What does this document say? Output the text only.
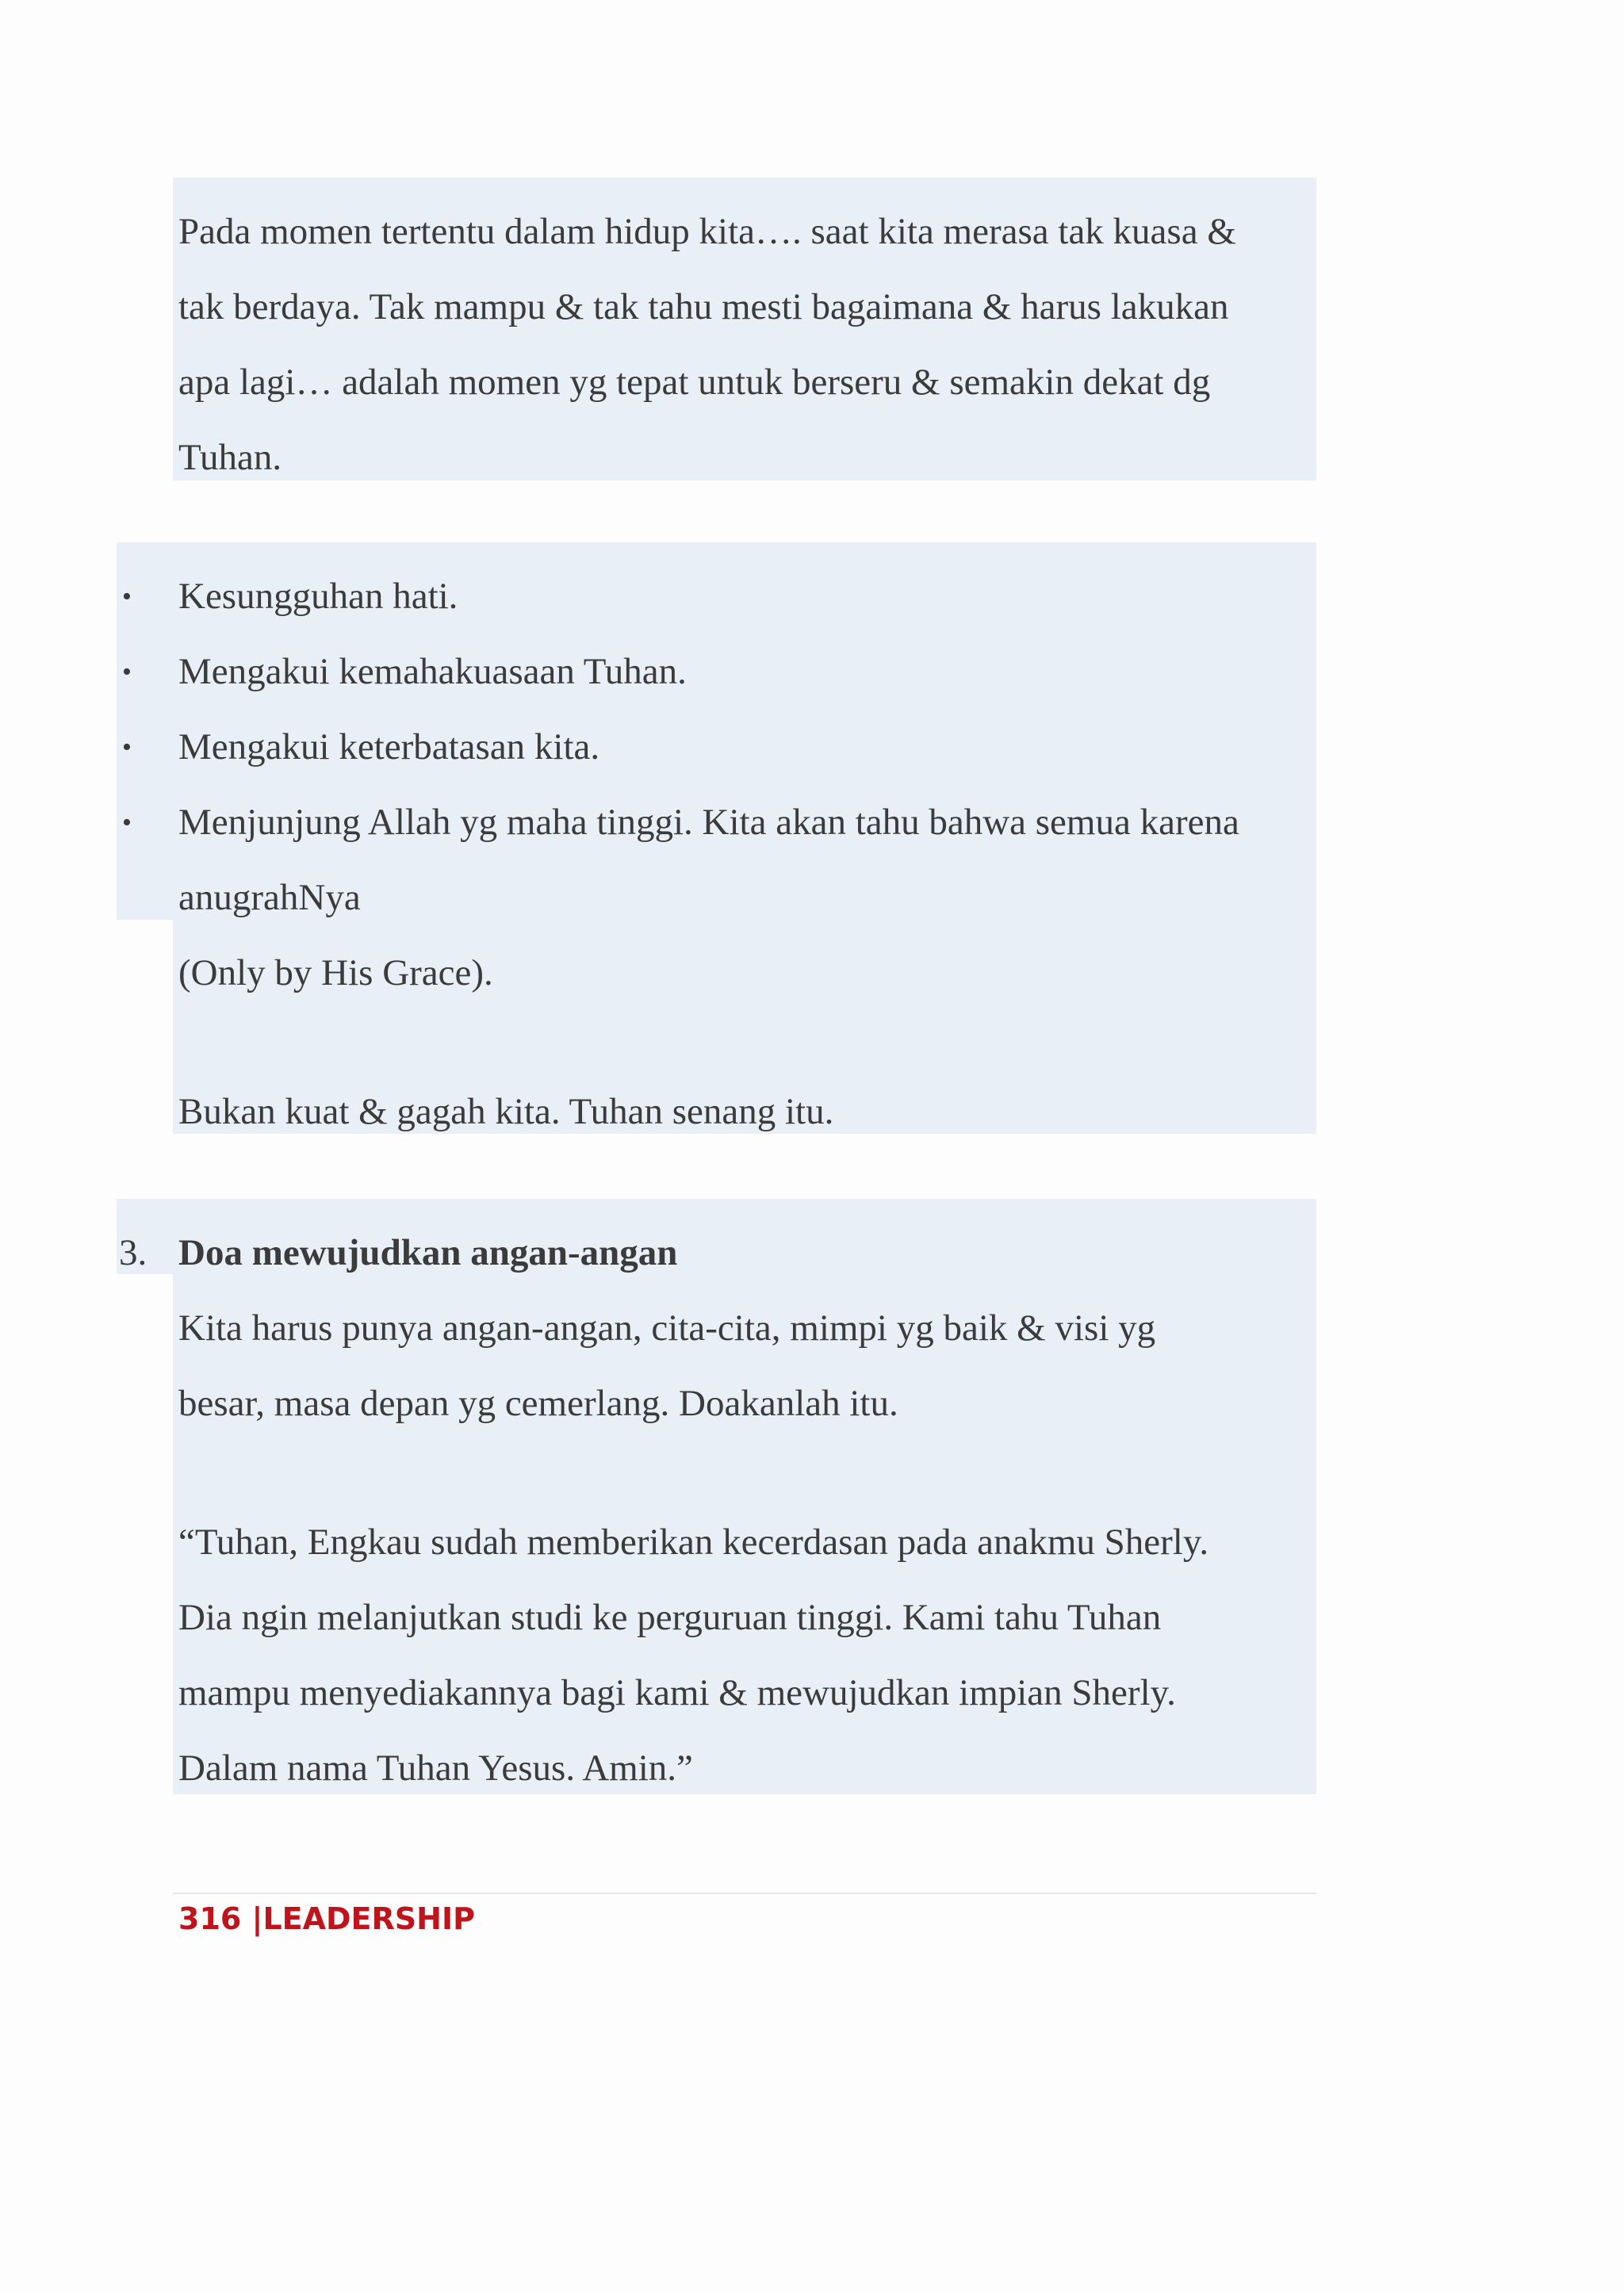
Pada momen tertentu dalam hidup kita…. saat kita merasa tak kuasa &
tak berdaya. Tak mampu & tak tahu mesti bagaimana & harus lakukan
apa lagi… adalah momen yg tepat untuk berseru & semakin dekat dg
Tuhan.
• Kesungguhan hati.
• Mengakui kemahakuasaan Tuhan.
• Mengakui keterbatasan kita.
• Menjunjung Allah yg maha tinggi. Kita akan tahu bahwa semua karena
anugrahNya
(Only by His Grace).
Bukan kuat & gagah kita. Tuhan senang itu.
3. Doa mewujudkan angan-angan
Kita harus punya angan-angan, cita-cita, mimpi yg baik & visi yg
besar, masa depan yg cemerlang. Doakanlah itu.
“Tuhan, Engkau sudah memberikan kecerdasan pada anakmu Sherly.
Dia ngin melanjutkan studi ke perguruan tinggi. Kami tahu Tuhan
mampu menyediakannya bagi kami & mewujudkan impian Sherly.
Dalam nama Tuhan Yesus. Amin.”
316 |LEADERSHIP
